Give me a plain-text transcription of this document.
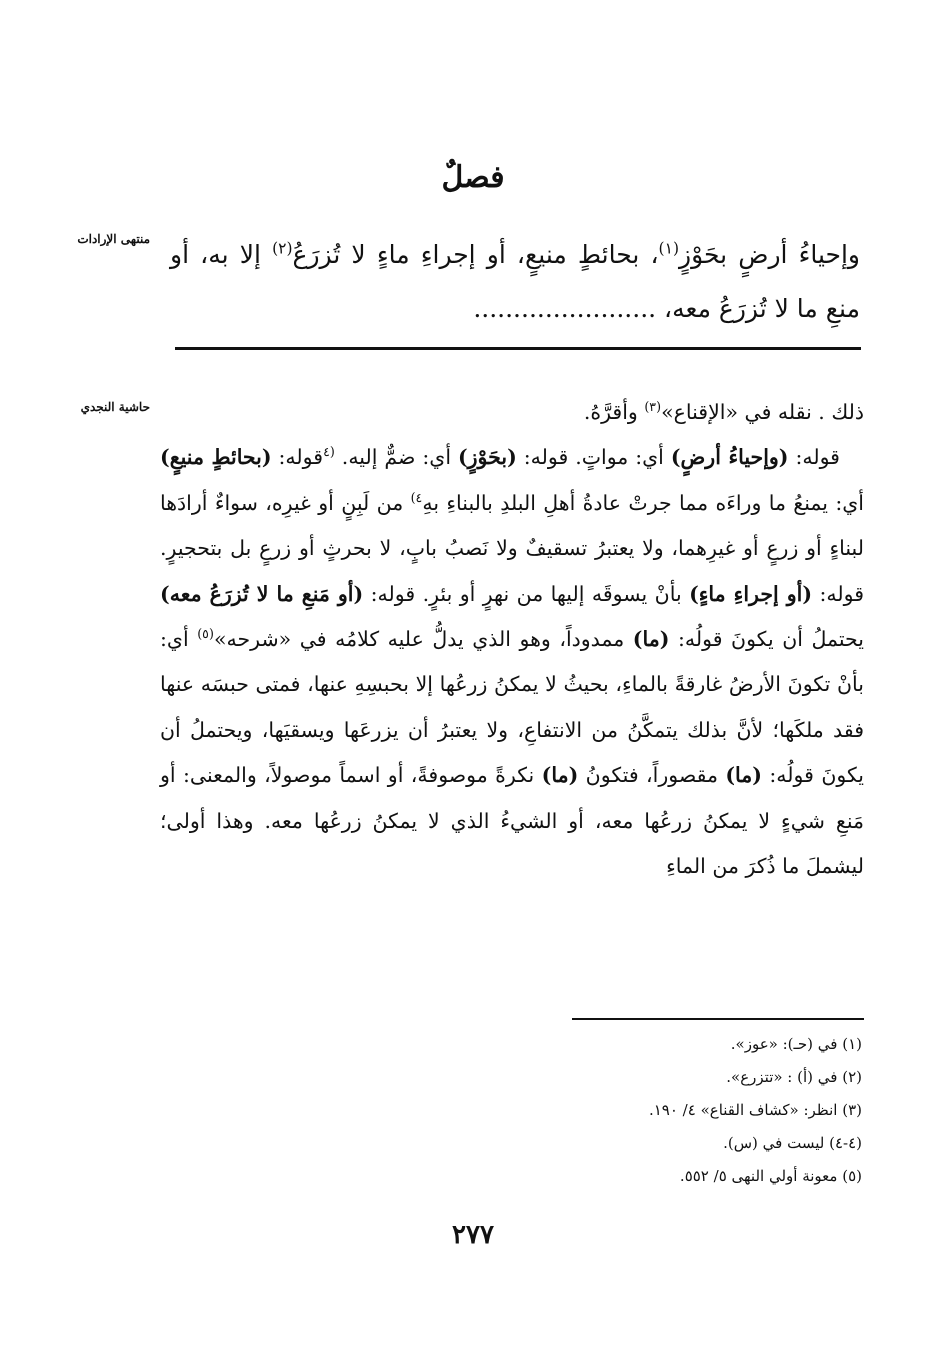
فصلٌ
منتهى الإرادات
وإحياءُ أرضٍ بحَوْزٍ$^{(١)}$، بحائطٍ منيعٍ، أو إجراءِ ماءٍ لا تُزرَعُ$^{(٢)}$ إلا به، أو منعِ ما لا تُزرَعُ معه، .......................
حاشية النجدي	ذلك . نقله في «الإقناع»$^{(٣)}$ وأقرَّهُ.
قوله: (وإحياءُ أرضٍ) أي: مواتٍ. قوله: (بحَوْزٍ) أي: ضمٌّ إليه. $^{(٤}$قوله: (بحائطٍ منيعٍ) أي: يمنعُ ما وراءَه مما جرتْ عادةُ أهلِ البلدِ بالبناءِ بهِ$^{٤)}$ من لَبِنٍ أو غيرِه، سواءٌ أرادَها لبناءٍ أو زرعٍ أو غيرِهما، ولا يعتبرُ تسقيفٌ ولا نَصبُ بابٍ، لا بحرثٍ أو زرعٍ بل بتحجيرٍ. قوله: (أو إجراءِ ماءٍ) بأنْ يسوقَه إليها من نهرٍ أو بئرٍ. قوله: (أو مَنعِ ما لا تُزرَعُ معه) يحتملُ أن يكونَ قولُه: (ما) ممدوداً، وهو الذي يدلُّ عليه كلامُه في «شرحه»$^{(٥)}$ أي: بأنْ تكونَ الأرضُ غارقةً بالماءِ، بحيثُ لا يمكنُ زرعُها إلا بحبسِهِ عنها، فمتى حبسَه عنها فقد ملكَها؛ لأنَّ بذلك يتمكَّنُ من الانتفاعِ، ولا يعتبرُ أن يزرعَها ويسقيَها، ويحتملُ أن يكونَ قولُه: (ما) مقصوراً، فتكونُ (ما) نكرةً موصوفةً، أو اسماً موصولاً، والمعنى: أو مَنعِ شيءٍ لا يمكنُ زرعُها معه، أو الشيءُ الذي لا يمكنُ زرعُها معه. وهذا أولى؛ ليشملَ ما ذُكرَ من الماءِ
(١) في (ﺣـ): «عوز».
(٢) في (أ) : «تتزرع».
(٣) انظر: «كشاف القناع» ٤/ ١٩٠.
(٤-٤) ليست في (س).
(٥) معونة أولي النهى ٥/ ٥٥٢.
٢٧٧
